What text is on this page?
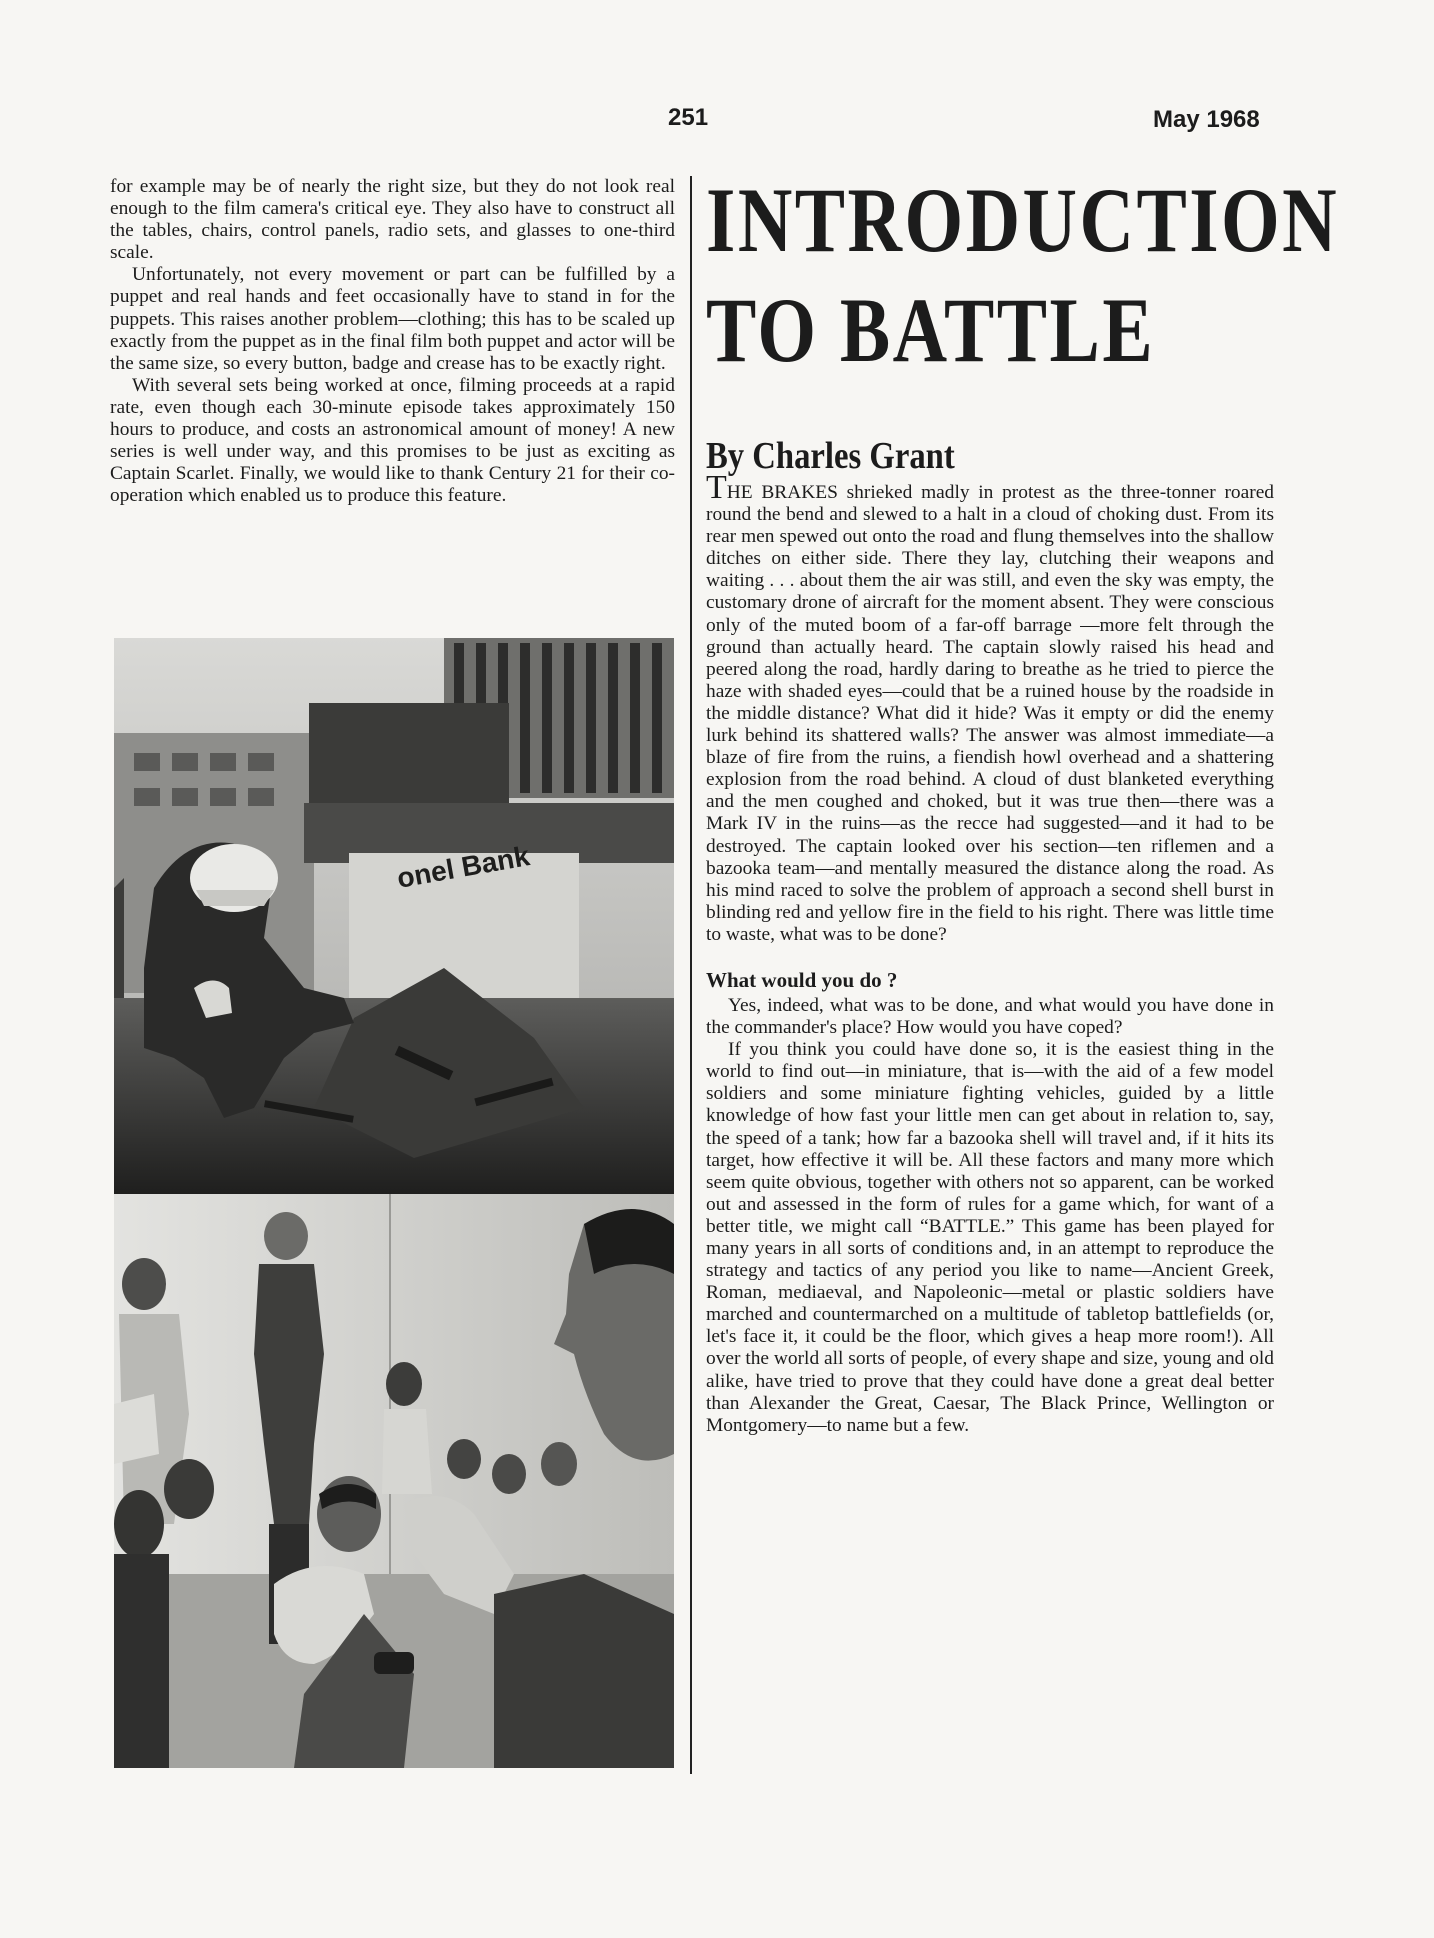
251	May 1968

for example may be of nearly the right size, but they do not look real enough to the film camera's critical eye. They also have to construct all the tables, chairs, control panels, radio sets, and glasses to one-third scale.

Unfortunately, not every movement or part can be fulfilled by a puppet and real hands and feet occasionally have to stand in for the puppets. This raises another problem—clothing; this has to be scaled up exactly from the puppet as in the final film both puppet and actor will be the same size, so every button, badge and crease has to be exactly right.

With several sets being worked at once, filming proceeds at a rapid rate, even though each 30-minute episode takes approximately 150 hours to produce, and costs an astronomical amount of money! A new series is well under way, and this promises to be just as exciting as Captain Scarlet. Finally, we would like to thank Century 21 for their co-operation which enabled us to produce this feature.

onel Bank
INTRODUCTION
TO BATTLE
By Charles Grant

THE BRAKES shrieked madly in protest as the three-tonner roared round the bend and slewed to a halt in a cloud of choking dust. From its rear men spewed out onto the road and flung themselves into the shallow ditches on either side. There they lay, clutching their weapons and waiting . . . about them the air was still, and even the sky was empty, the customary drone of aircraft for the moment absent. They were conscious only of the muted boom of a far-off barrage —more felt through the ground than actually heard. The captain slowly raised his head and peered along the road, hardly daring to breathe as he tried to pierce the haze with shaded eyes—could that be a ruined house by the roadside in the middle distance? What did it hide? Was it empty or did the enemy lurk behind its shattered walls? The answer was almost immediate—a blaze of fire from the ruins, a fiendish howl overhead and a shattering explosion from the road behind. A cloud of dust blanketed everything and the men coughed and choked, but it was true then—there was a Mark IV in the ruins—as the recce had suggested—and it had to be destroyed. The captain looked over his section—ten riflemen and a bazooka team—and mentally measured the distance along the road. As his mind raced to solve the problem of approach a second shell burst in blinding red and yellow fire in the field to his right. There was little time to waste, what was to be done?

What would you do ?

Yes, indeed, what was to be done, and what would you have done in the commander's place? How would you have coped?

If you think you could have done so, it is the easiest thing in the world to find out—in miniature, that is—with the aid of a few model soldiers and some miniature fighting vehicles, guided by a little knowledge of how fast your little men can get about in relation to, say, the speed of a tank; how far a bazooka shell will travel and, if it hits its target, how effective it will be. All these factors and many more which seem quite obvious, together with others not so apparent, can be worked out and assessed in the form of rules for a game which, for want of a better title, we might call “BATTLE.” This game has been played for many years in all sorts of conditions and, in an attempt to reproduce the strategy and tactics of any period you like to name—Ancient Greek, Roman, mediaeval, and Napoleonic—metal or plastic soldiers have marched and countermarched on a multitude of tabletop battlefields (or, let's face it, it could be the floor, which gives a heap more room!). All over the world all sorts of people, of every shape and size, young and old alike, have tried to prove that they could have done a great deal better than Alexander the Great, Caesar, The Black Prince, Wellington or Montgomery—to name but a few.
